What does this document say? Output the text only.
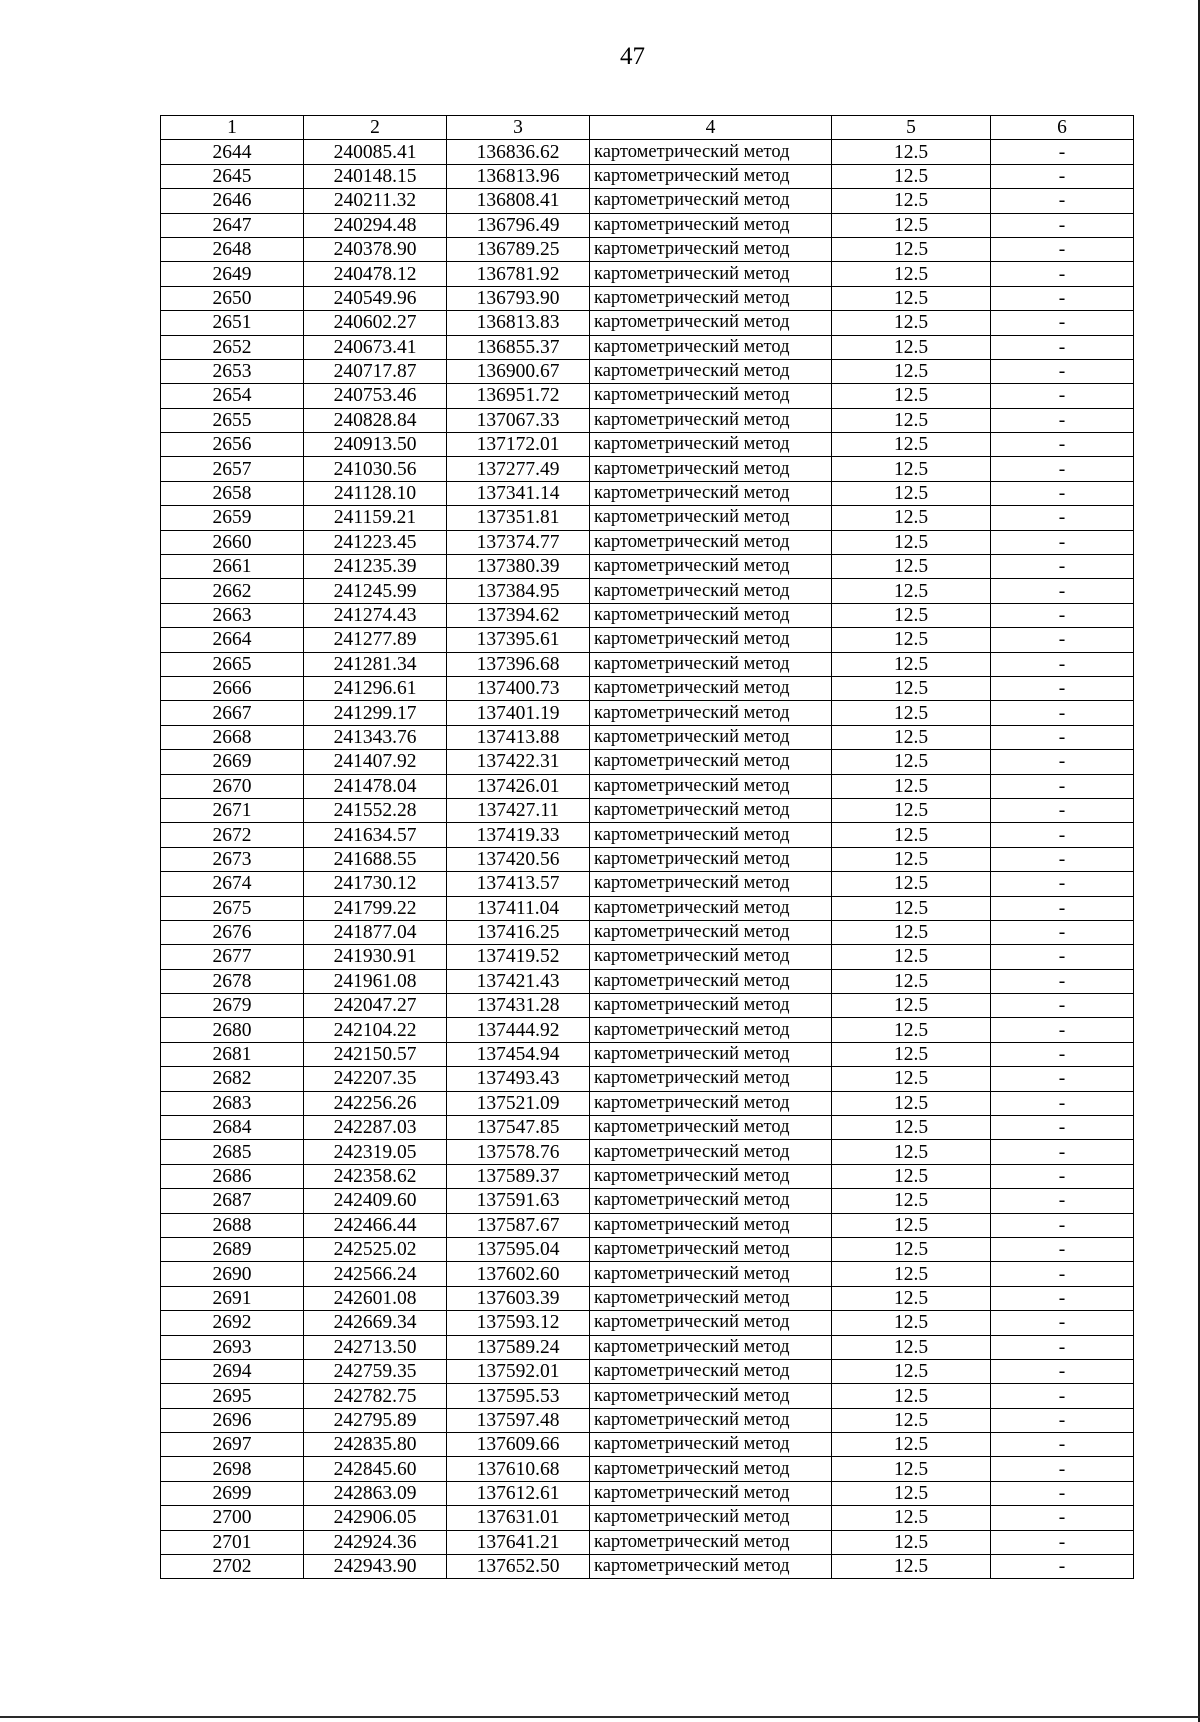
47
1	2	3	4	5	6
2644	240085.41	136836.62	картометрический метод	12.5	-
2645	240148.15	136813.96	картометрический метод	12.5	-
2646	240211.32	136808.41	картометрический метод	12.5	-
2647	240294.48	136796.49	картометрический метод	12.5	-
2648	240378.90	136789.25	картометрический метод	12.5	-
2649	240478.12	136781.92	картометрический метод	12.5	-
2650	240549.96	136793.90	картометрический метод	12.5	-
2651	240602.27	136813.83	картометрический метод	12.5	-
2652	240673.41	136855.37	картометрический метод	12.5	-
2653	240717.87	136900.67	картометрический метод	12.5	-
2654	240753.46	136951.72	картометрический метод	12.5	-
2655	240828.84	137067.33	картометрический метод	12.5	-
2656	240913.50	137172.01	картометрический метод	12.5	-
2657	241030.56	137277.49	картометрический метод	12.5	-
2658	241128.10	137341.14	картометрический метод	12.5	-
2659	241159.21	137351.81	картометрический метод	12.5	-
2660	241223.45	137374.77	картометрический метод	12.5	-
2661	241235.39	137380.39	картометрический метод	12.5	-
2662	241245.99	137384.95	картометрический метод	12.5	-
2663	241274.43	137394.62	картометрический метод	12.5	-
2664	241277.89	137395.61	картометрический метод	12.5	-
2665	241281.34	137396.68	картометрический метод	12.5	-
2666	241296.61	137400.73	картометрический метод	12.5	-
2667	241299.17	137401.19	картометрический метод	12.5	-
2668	241343.76	137413.88	картометрический метод	12.5	-
2669	241407.92	137422.31	картометрический метод	12.5	-
2670	241478.04	137426.01	картометрический метод	12.5	-
2671	241552.28	137427.11	картометрический метод	12.5	-
2672	241634.57	137419.33	картометрический метод	12.5	-
2673	241688.55	137420.56	картометрический метод	12.5	-
2674	241730.12	137413.57	картометрический метод	12.5	-
2675	241799.22	137411.04	картометрический метод	12.5	-
2676	241877.04	137416.25	картометрический метод	12.5	-
2677	241930.91	137419.52	картометрический метод	12.5	-
2678	241961.08	137421.43	картометрический метод	12.5	-
2679	242047.27	137431.28	картометрический метод	12.5	-
2680	242104.22	137444.92	картометрический метод	12.5	-
2681	242150.57	137454.94	картометрический метод	12.5	-
2682	242207.35	137493.43	картометрический метод	12.5	-
2683	242256.26	137521.09	картометрический метод	12.5	-
2684	242287.03	137547.85	картометрический метод	12.5	-
2685	242319.05	137578.76	картометрический метод	12.5	-
2686	242358.62	137589.37	картометрический метод	12.5	-
2687	242409.60	137591.63	картометрический метод	12.5	-
2688	242466.44	137587.67	картометрический метод	12.5	-
2689	242525.02	137595.04	картометрический метод	12.5	-
2690	242566.24	137602.60	картометрический метод	12.5	-
2691	242601.08	137603.39	картометрический метод	12.5	-
2692	242669.34	137593.12	картометрический метод	12.5	-
2693	242713.50	137589.24	картометрический метод	12.5	-
2694	242759.35	137592.01	картометрический метод	12.5	-
2695	242782.75	137595.53	картометрический метод	12.5	-
2696	242795.89	137597.48	картометрический метод	12.5	-
2697	242835.80	137609.66	картометрический метод	12.5	-
2698	242845.60	137610.68	картометрический метод	12.5	-
2699	242863.09	137612.61	картометрический метод	12.5	-
2700	242906.05	137631.01	картометрический метод	12.5	-
2701	242924.36	137641.21	картометрический метод	12.5	-
2702	242943.90	137652.50	картометрический метод	12.5	-
